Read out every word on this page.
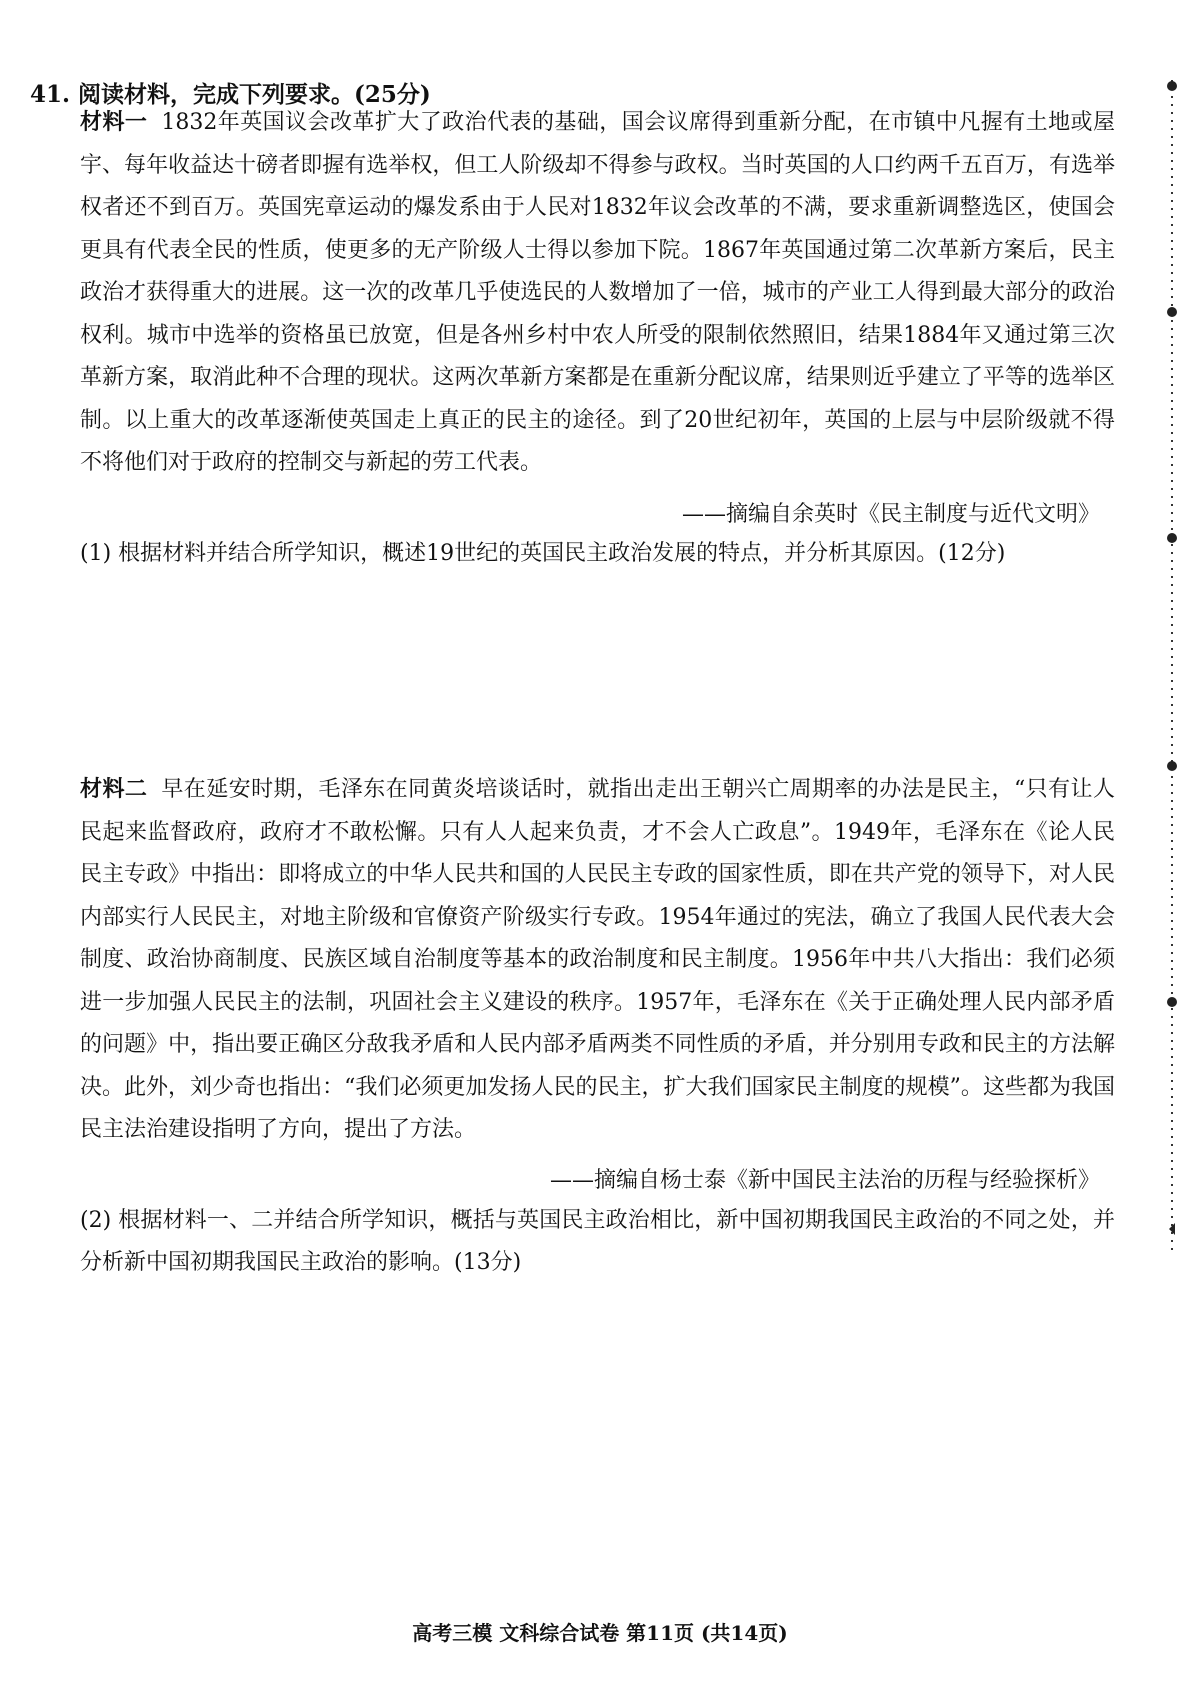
41. 阅读材料，完成下列要求。(25分)
材料一 1832年英国议会改革扩大了政治代表的基础，国会议席得到重新分配，在市镇中凡握有土地或屋宇、每年收益达十磅者即握有选举权，但工人阶级却不得参与政权。当时英国的人口约两千五百万，有选举权者还不到百万。英国宪章运动的爆发系由于人民对1832年议会改革的不满，要求重新调整选区，使国会更具有代表全民的性质，使更多的无产阶级人士得以参加下院。1867年英国通过第二次革新方案后，民主政治才获得重大的进展。这一次的改革几乎使选民的人数增加了一倍，城市的产业工人得到最大部分的政治权利。城市中选举的资格虽已放宽，但是各州乡村中农人所受的限制依然照旧，结果1884年又通过第三次革新方案，取消此种不合理的现状。这两次革新方案都是在重新分配议席，结果则近乎建立了平等的选举区制。以上重大的改革逐渐使英国走上真正的民主的途径。到了20世纪初年，英国的上层与中层阶级就不得不将他们对于政府的控制交与新起的劳工代表。
——摘编自余英时《民主制度与近代文明》
(1) 根据材料并结合所学知识，概述19世纪的英国民主政治发展的特点，并分析其原因。(12分)
材料二 早在延安时期，毛泽东在同黄炎培谈话时，就指出走出王朝兴亡周期率的办法是民主，“只有让人民起来监督政府，政府才不敢松懈。只有人人起来负责，才不会人亡政息”。1949年，毛泽东在《论人民民主专政》中指出：即将成立的中华人民共和国的人民民主专政的国家性质，即在共产党的领导下，对人民内部实行人民民主，对地主阶级和官僚资产阶级实行专政。1954年通过的宪法，确立了我国人民代表大会制度、政治协商制度、民族区域自治制度等基本的政治制度和民主制度。1956年中共八大指出：我们必须进一步加强人民民主的法制，巩固社会主义建设的秩序。1957年，毛泽东在《关于正确处理人民内部矛盾的问题》中，指出要正确区分敌我矛盾和人民内部矛盾两类不同性质的矛盾，并分别用专政和民主的方法解决。此外，刘少奇也指出：“我们必须更加发扬人民的民主，扩大我们国家民主制度的规模”。这些都为我国民主法治建设指明了方向，提出了方法。
——摘编自杨士泰《新中国民主法治的历程与经验探析》
(2) 根据材料一、二并结合所学知识，概括与英国民主政治相比，新中国初期我国民主政治的不同之处，并分析新中国初期我国民主政治的影响。(13分)
高考三模 文科综合试卷 第11页 (共14页)
